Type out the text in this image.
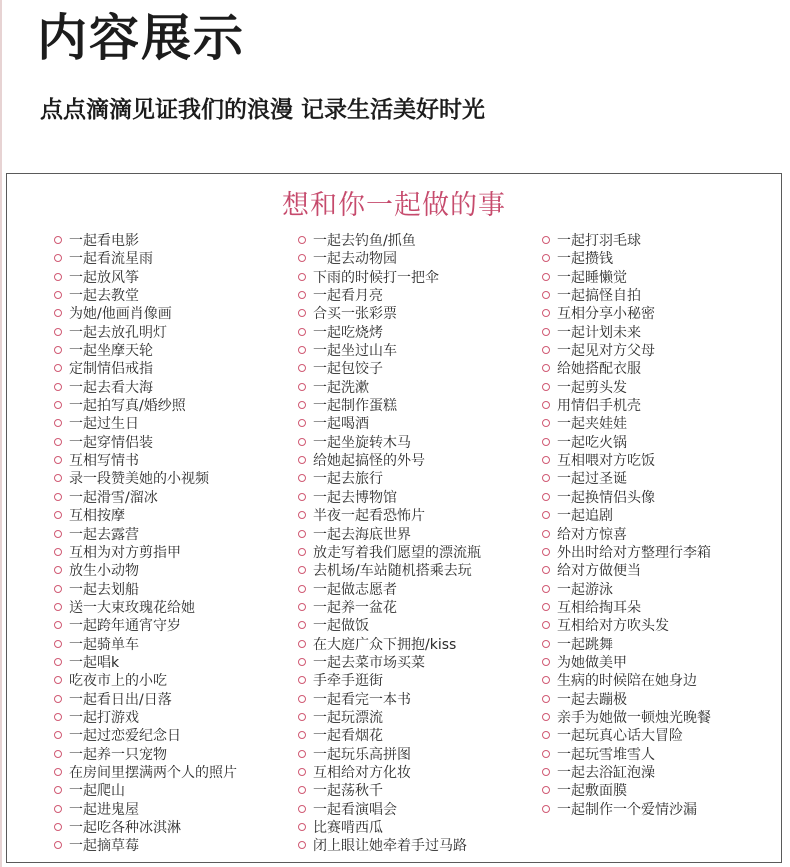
内容展示
点点滴滴见证我们的浪漫 记录生活美好时光
想和你一起做的事
一起看电影
一起看流星雨
一起放风筝
一起去教堂
为她/他画肖像画
一起去放孔明灯
一起坐摩天轮
定制情侣戒指
一起去看大海
一起拍写真/婚纱照
一起过生日
一起穿情侣装
互相写情书
录一段赞美她的小视频
一起滑雪/溜冰
互相按摩
一起去露营
互相为对方剪指甲
放生小动物
一起去划船
送一大束玫瑰花给她
一起跨年通宵守岁
一起骑单车
一起唱k
吃夜市上的小吃
一起看日出/日落
一起打游戏
一起过恋爱纪念日
一起养一只宠物
在房间里摆满两个人的照片
一起爬山
一起进鬼屋
一起吃各种冰淇淋
一起摘草莓
一起去钓鱼/抓鱼
一起去动物园
下雨的时候打一把伞
一起看月亮
合买一张彩票
一起吃烧烤
一起坐过山车
一起包饺子
一起洗漱
一起制作蛋糕
一起喝酒
一起坐旋转木马
给她起搞怪的外号
一起去旅行
一起去博物馆
半夜一起看恐怖片
一起去海底世界
放走写着我们愿望的漂流瓶
去机场/车站随机搭乘去玩
一起做志愿者
一起养一盆花
一起做饭
在大庭广众下拥抱/kiss
一起去菜市场买菜
手牵手逛街
一起看完一本书
一起玩漂流
一起看烟花
一起玩乐高拼图
互相给对方化妆
一起荡秋千
一起看演唱会
比赛啃西瓜
闭上眼让她牵着手过马路
一起打羽毛球
一起攒钱
一起睡懒觉
一起搞怪自拍
互相分享小秘密
一起计划未来
一起见对方父母
给她搭配衣服
一起剪头发
用情侣手机壳
一起夹娃娃
一起吃火锅
互相喂对方吃饭
一起过圣诞
一起换情侣头像
一起追剧
给对方惊喜
外出时给对方整理行李箱
给对方做便当
一起游泳
互相给掏耳朵
互相给对方吹头发
一起跳舞
为她做美甲
生病的时候陪在她身边
一起去蹦极
亲手为她做一顿烛光晚餐
一起玩真心话大冒险
一起玩雪堆雪人
一起去浴缸泡澡
一起敷面膜
一起制作一个爱情沙漏
